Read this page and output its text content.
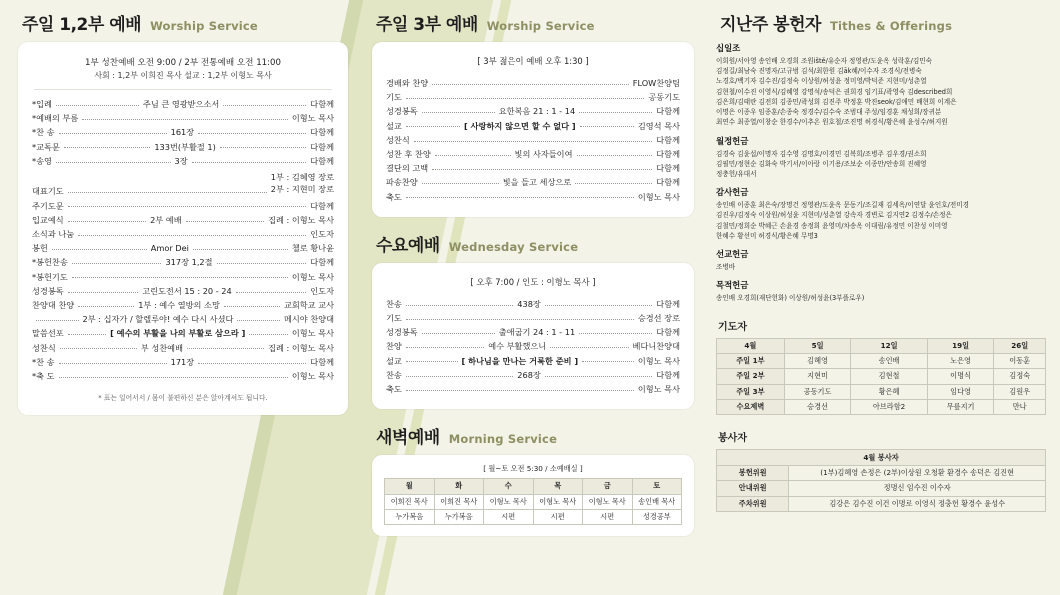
주일 1,2부 예배 Worship Service
1부 성찬예배 오전 9:00 / 2부 전통예배 오전 11:00
사회 : 1,2부 이희진 목사 설교 : 1,2부 이형노 목사
*입례	주님 큰 영광받으소서	다함께
*예배의 부름	이형노 목사
*찬 송	161장	다함께
*교독문	133번(부활절 1)	다함께
*송영	3장	다함께
대표기도
1부 : 김혜영 장로
2부 : 지현미 장로
주기도문	다함께
입교예식	2부 예배	집례 : 이형노 목사
소식과 나눔	인도자
봉헌	Amor Dei	첼로 황나윤
*봉헌찬송	317장 1,2절	다함께
*봉헌기도	이형노 목사
성경봉독	고린도전서 15 : 20 - 24	인도자
찬양대 찬양	1부 : 예수 열방의 소망	교회학교 교사
2부 : 십자가 / 할렐루야! 예수 다시 사셨다	메시야 찬양대
말씀선포	[ 예수의 부활을 나의 부활로 삼으라 ]	이형노 목사
성찬식	부 성찬예배	집례 : 이형노 목사
*찬 송	171장	다함께
*축 도	이형노 목사
* 표는 일어서서 / 몸이 불편하신 분은 앉아계셔도 됩니다.
주일 3부 예배 Worship Service
[ 3부 젊은이 예배 오후 1:30 ]
경배와 찬양	FLOW찬양팀
기도	공동기도
성경봉독	요한복음 21 : 1 - 14	다함께
설교	[ 사랑하지 않으면 할 수 없다 ]	김영석 목사
성찬식	다함께
성찬 후 찬양	빛의 사자들이여	다함께
결단의 고백	다함께
파송찬양	빛을 들고 세상으로	다함께
축도	이형노 목사
수요예배 Wednesday Service
[ 오후 7:00 / 인도 : 이형노 목사 ]
찬송	438장	다함께
기도	승경선 장로
성경봉독	출애굽기 24 : 1 - 11	다함께
찬양	예수 부활했으니	베다니찬양대
설교	[ 하나님을 만나는 거룩한 준비 ]	이형노 목사
찬송	268장	다함께
축도	이형노 목사
새벽예배 Morning Service
[ 월~토 오전 5:30 / 소예배실 ]
월	화	수	목	금	토
이희진 목사	이희진 목사	이형노 목사	이형노 목사	이형노 목사	송인배 목사
누가복음	누가복음	시편	시편	시편	성경공부
지난주 봉헌자 Tithes & Offerings
십일조
이희원/서아영 송인배 오경희 조원iště/유순자 정영관/도윤옥 성락훈/김민숙
김정길/최남숙 진명자/고규범 김석/최한원 김āk혜/이수자 조경식/전병숙
노경호/백기자 김수진/김정숙 이상원/허성윤 정미영/박덕준 지현미/성춘열
김현철/이수진 이영식/김혜영 강명석/송덕은 권희경 임기표/곽영숙 김described희
김은희/김태란 김전희 김종민/곽성희 김진주 박정훈 박진seok/김애민 배현희 이계은
이명은 이종우 임종훈/손종숙 정경수/김수숙 조범대 주성/임경훈 채성희/장귀분
최연수 최종열/이창순 한경수/이추온 원호철/조진명 허경식/황은혜 윤성수/허지원
월정헌금
김경숙 김윤섭/이명자 김수영 김명호/이경민 김복희/조병주 김우경/권소희
김필민/정현순 김화숙 박기서/이아랑 이기용/조보순 이종만/안송희 진혜영
정충헌/유대서
감사헌금
송인배 이종훈 최은숙/장명건 정영관/도윤옥 문동기/조길재 김세옥/이연달 윤인호/전미경
김진우/김정숙 이상원/허성윤 지현미/성춘열 강속자 경변로 김지연2 김정수/손정은
김철민/정희순 박혜근 손윤경 송정희 윤영미/차송옥 이대림/유정민 이찬성 이미영
한혜수 황선미 허경식/황은혜 무명3
선교헌금
조병바
목적헌금
송인배 오경희(재단헌화) 이상원/허성윤(3부플로우)
기도자
4월	5일	12일	19일	26일
주일 1부	김혜영	송인배	노은영	이동훈
주일 2부	지현미	김현철	이명식	김정숙
주일 3부	공동기도	황은혜	임다영	김원우
수요제벽	승경선	아브라함2	무릎지기	만나
봉사자
4월 봉사자	
봉헌위원	(1부)김혜영 손정은 (2부)이상원 오청환 환경수 송덕은 김진현
안내위원	정명신 임수진 이수자
주차위원	김강은 김수진 이건 이명로 이영식 정충헌 황경수 윤성수
